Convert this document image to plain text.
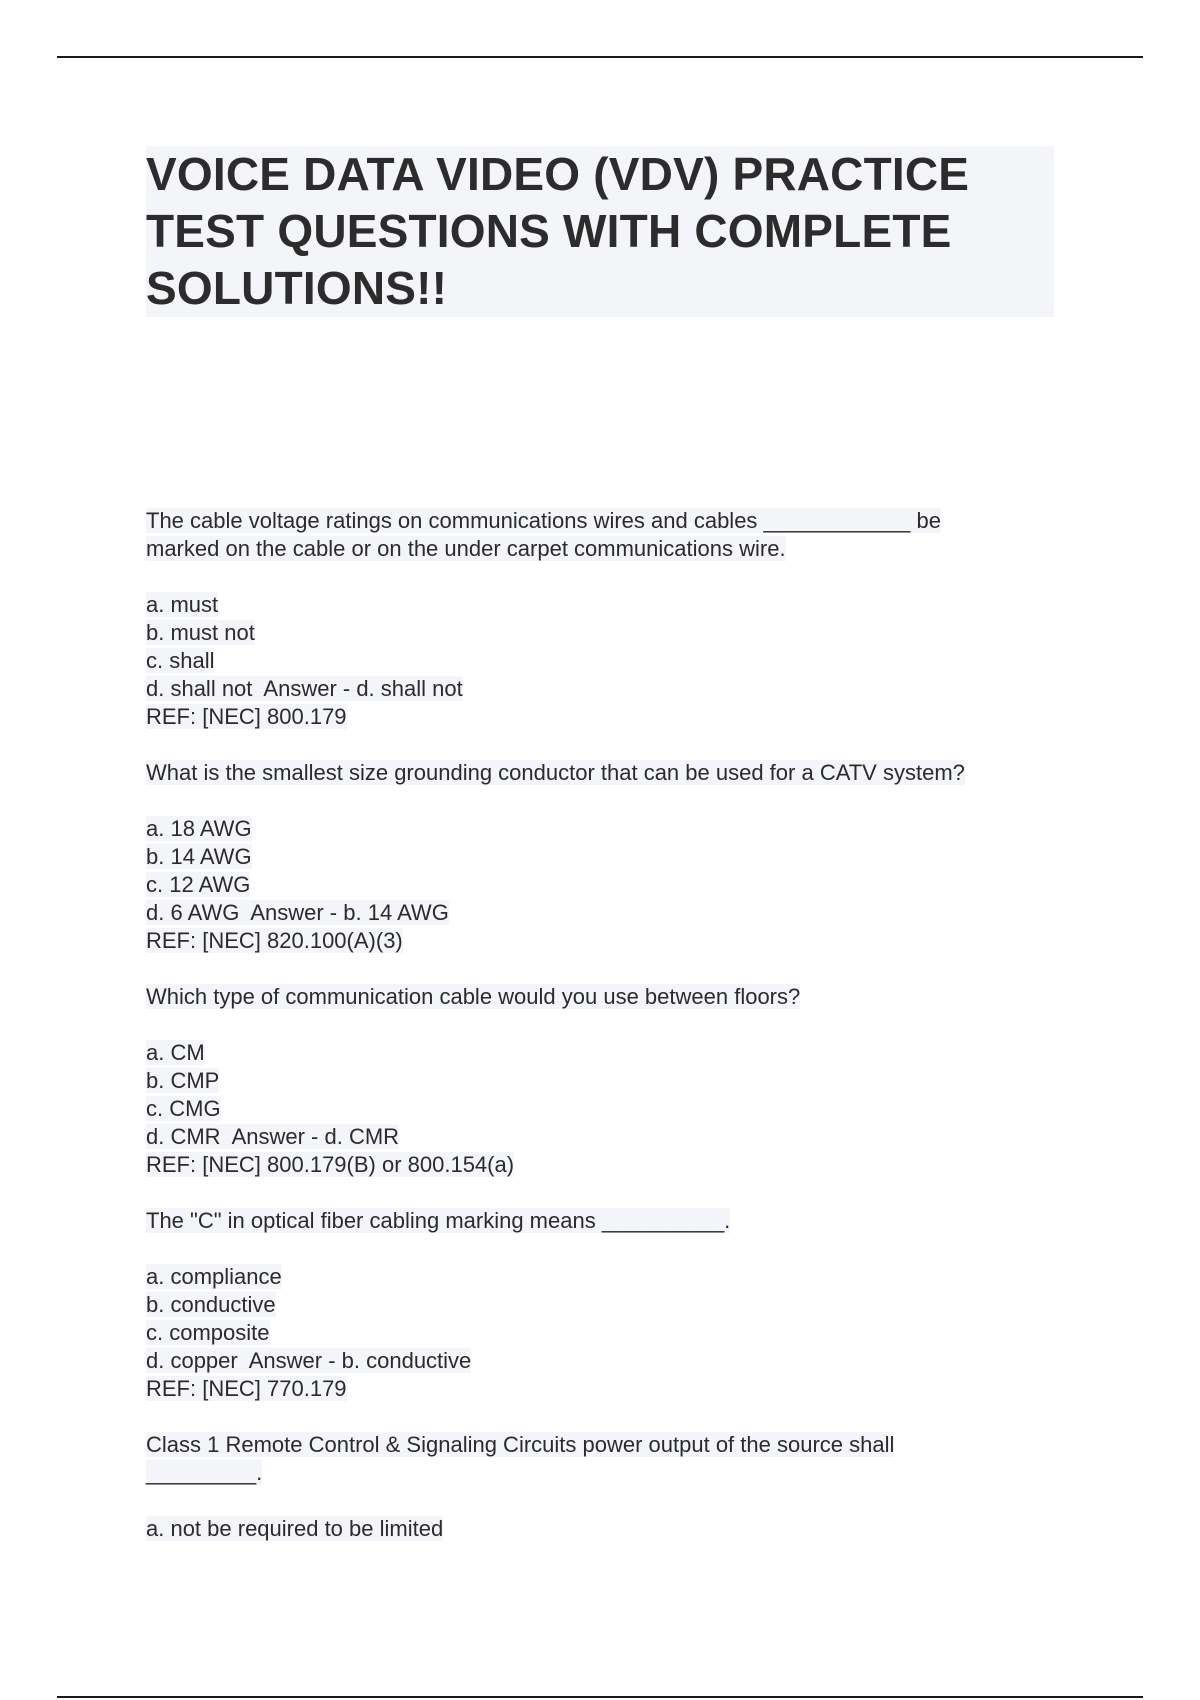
VOICE DATA VIDEO (VDV) PRACTICE
TEST QUESTIONS WITH COMPLETE
SOLUTIONS!!
The cable voltage ratings on communications wires and cables ____________ be
marked on the cable or on the under carpet communications wire.
a. must
b. must not
c. shall
d. shall not  Answer - d. shall not
REF: [NEC] 800.179
What is the smallest size grounding conductor that can be used for a CATV system?
a. 18 AWG
b. 14 AWG
c. 12 AWG
d. 6 AWG  Answer - b. 14 AWG
REF: [NEC] 820.100(A)(3)
Which type of communication cable would you use between floors?
a. CM
b. CMP
c. CMG
d. CMR  Answer - d. CMR
REF: [NEC] 800.179(B) or 800.154(a)
The "C" in optical fiber cabling marking means __________.
a. compliance
b. conductive
c. composite
d. copper  Answer - b. conductive
REF: [NEC] 770.179
Class 1 Remote Control & Signaling Circuits power output of the source shall
_________.
a. not be required to be limited
